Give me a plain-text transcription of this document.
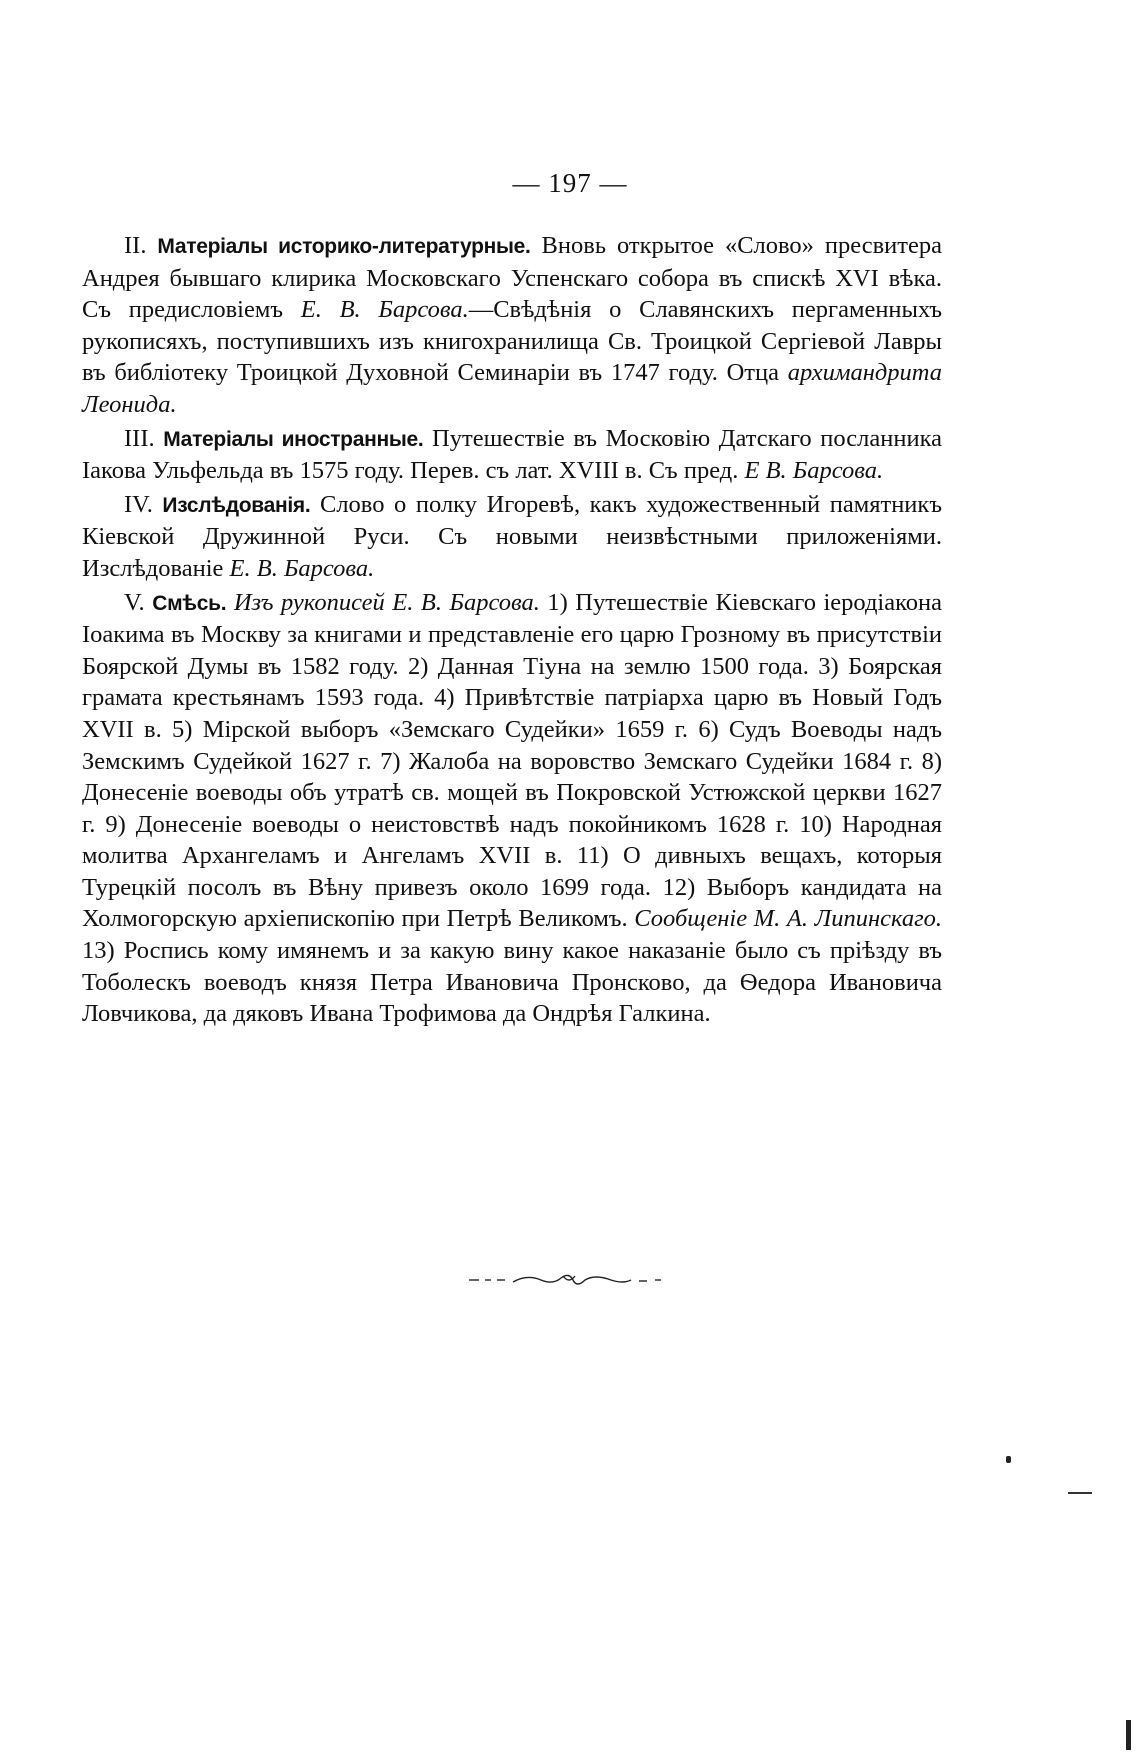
— 197 —

II. Матеріалы историко-литературные. Вновь открытое «Слово» пресвитера Андрея бывшаго клирика Московскагo Успенскаго собора въ спискѣ XVI вѣка. Съ предисловіемъ Е. В. Барсова.—Свѣдѣнія о Славянскихъ пергаменныхъ рукописяхъ, поступившихъ изъ книгохранилища Св. Троицкой Сергіевой Лавры въ библіотеку Троицкой Духовной Семинаріи въ 1747 году. Отца архимандрита Леонида.

III. Матеріалы иностранные. Путешествіе въ Московію Датскаго посланника Іакова Ульфельда въ 1575 году. Перев. съ лат. XVIII в. Съ пред. Е В. Барсова.

IV. Изслѣдованія. Слово о полку Игоревѣ, какъ художественный памятникъ Кіевской Дружинной Руси. Съ новыми неизвѣстными приложеніями. Изслѣдованіе Е. В. Барсова.

V. Смѣсь. Изъ рукописей Е. В. Барсова. 1) Путешествіе Кіевскаго іеродіакона Іоакима въ Москву за книгами и представленіе его царю Грозному въ присутствіи Боярской Думы въ 1582 году. 2) Данная Тіуна на землю 1500 года. 3) Боярская грамата крестьянамъ 1593 года. 4) Привѣтствіе патріарха царю въ Новый Годъ XVII в. 5) Мірской выборъ «Земскаго Судейки» 1659 г. 6) Судъ Воеводы надъ Земскимъ Судейкой 1627 г. 7) Жалоба на воровство Земскаго Судейки 1684 г. 8) Донесеніе воеводы объ утратѣ св. мощей въ Покровской Устюжской церкви 1627 г. 9) Донесеніе воеводы о неистовствѣ надъ покойникомъ 1628 г. 10) Народная молитва Архангеламъ и Ангеламъ XVII в. 11) О дивныхъ вещахъ, которыя Турецкій посолъ въ Вѣну привезъ около 1699 года. 12) Выборъ кандидата на Холмогорскую архіепископію при Петрѣ Великомъ. Сообщеніе М. А. Липинскаго. 13) Роспись кому имянемъ и за какую вину какое наказаніе было съ пріѣзду въ Тоболескъ воеводъ князя Петра Ивановича Пронсково, да Ѳедора Ивановича Ловчикова, да дяковъ Ивана Трофимова да Ондрѣя Галкина.
